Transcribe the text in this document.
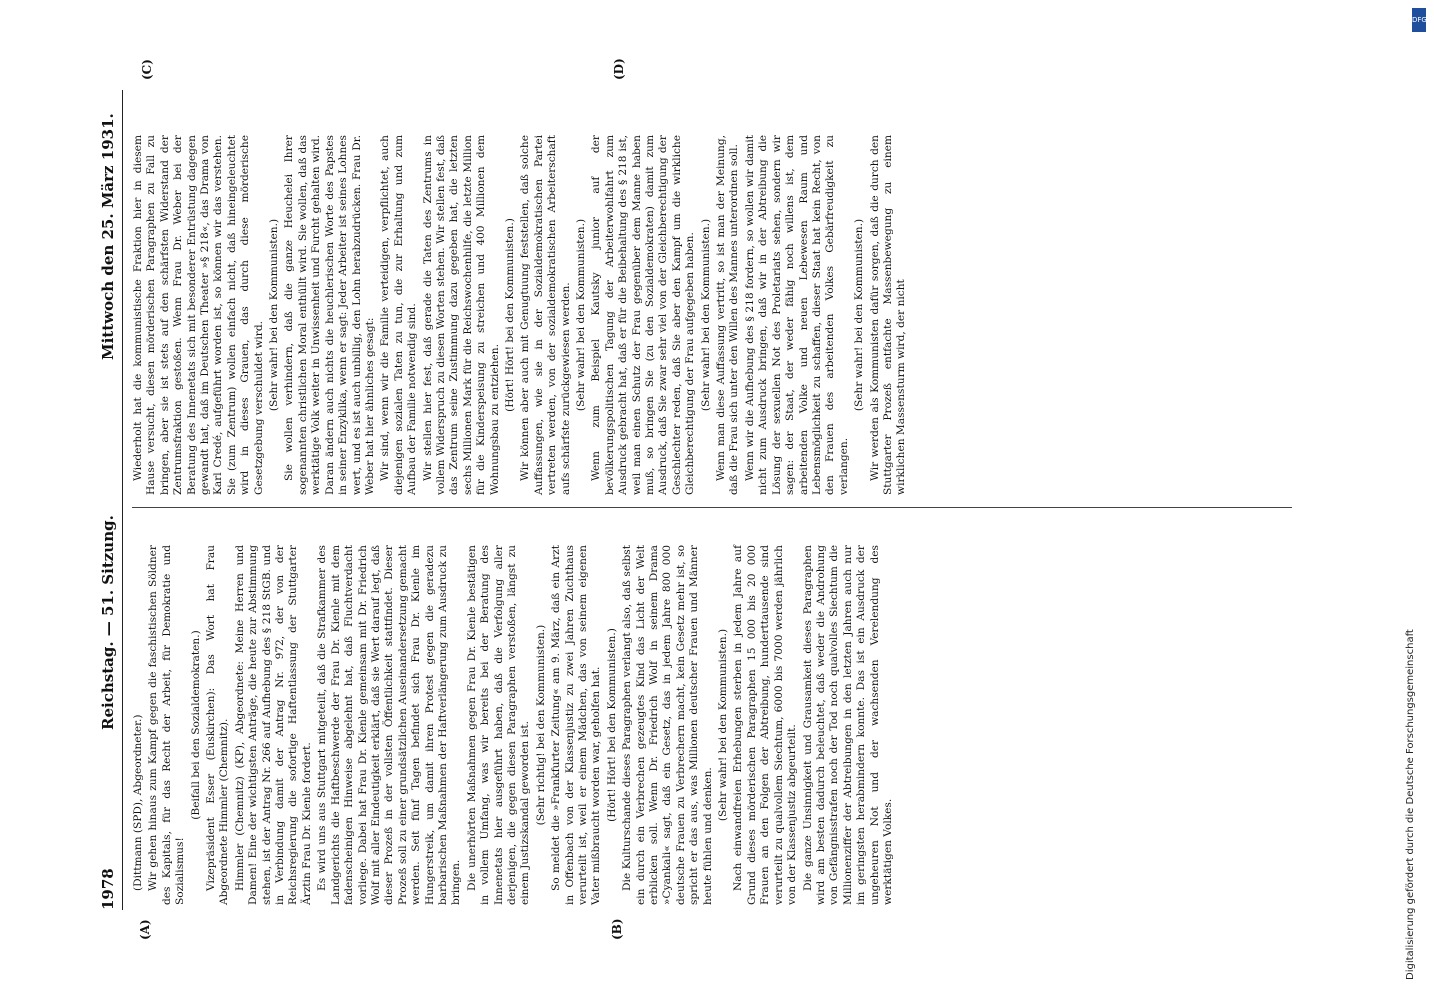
1978
Reichstag. — 51. Sitzung.
Mittwoch den 25. März 1931.
(A)	(B)
(C)	(D)

(Dittmann (SPD), Abgeordneter.) Wir gehen hinaus zum Kampf gegen die faschistischen Söldner des Kapitals, für das Recht der Arbeit, für Demokratie und Sozialismus!

(Beifall bei den Sozialdemokraten.) Vizepräsident Esser (Euskirchen): Das Wort hat Frau Abgeordnete Himmler (Chemnitz). Himmler (Chemnitz) (KP), Abgeordnete: Meine Herren und Damen! Eine der wichtigsten Anträge, die heute zur Abstimmung stehen, ist der Antrag Nr. 266 auf Aufhebung des § 218 StGB. und in Verbindung damit der Antrag Nr. 972, der von der Reichsregierung die sofortige Haftentlassung der Stuttgarter Ärztin Frau Dr. Kienle fordert. Es wird uns aus Stuttgart mitgeteilt, daß die Strafkammer des Landgerichts die Haftbeschwerde der Frau Dr. Kienle mit dem fadenscheinigen Hinweise abgelehnt hat, daß Fluchtverdacht vorliege. Dabei hat Frau Dr. Kienle gemeinsam mit Dr. Friedrich Wolf mit aller Eindeutigkeit erklärt, daß sie Wert darauf legt, daß dieser Prozeß in der vollsten Öffentlichkeit stattfindet. Dieser Prozeß soll zu einer grundsätzlichen Auseinandersetzung gemacht werden. Seit fünf Tagen befindet sich Frau Dr. Kienle im Hungerstreik, um damit ihren Protest gegen die geradezu barbarischen Maßnahmen der Haftverlängerung zum Ausdruck zu bringen. Die unerhörten Maßnahmen gegen Frau Dr. Kienle bestätigen in vollem Umfang, was wir bereits bei der Beratung des Innenetats hier ausgeführt haben, daß die Verfolgung aller derjenigen, die gegen diesen Paragraphen verstoßen, längst zu einem Justizskandal geworden ist. (Sehr richtig! bei den Kommunisten.) So meldet die »Frankfurter Zeitung« am 9. März, daß ein Arzt in Offenbach von der Klassenjustiz zu zwei Jahren Zuchthaus verurteilt ist, weil er einem Mädchen, das von seinem eigenen Vater mißbraucht worden war, geholfen hat. (Hört! Hört! bei den Kommunisten.) Die Kulturschande dieses Paragraphen verlangt also, daß selbst ein durch ein Verbrechen gezeugtes Kind das Licht der Welt erblicken soll. Wenn Dr. Friedrich Wolf in seinem Drama »Cyankali« sagt, daß ein Gesetz, das in jedem Jahre 800 000 deutsche Frauen zu Verbrechern macht, kein Gesetz mehr ist, so spricht er das aus, was Millionen deutscher Frauen und Männer heute fühlen und denken.

(Sehr wahr! bei den Kommunisten.) Nach einwandfreien Erhebungen sterben in jedem Jahre auf Grund dieses mörderischen Paragraphen 15 000 bis 20 000 Frauen an den Folgen der Abtreibung, hunderttausende sind verurteilt zu qualvollem Siechtum, 6000 bis 7000 werden jährlich von der Klassenjustiz abgeurteilt. Die ganze Unsinnigkeit und Grausamkeit dieses Paragraphen wird am besten dadurch beleuchtet, daß weder die Androhung von Gefängnisstrafen noch der Tod noch qualvolles Siechtum die Millionenziffer der Abtreibungen in den letzten Jahren auch nur im geringsten herabmindern konnte. Das ist ein Ausdruck der ungeheuren Not und der wachsenden Verelendung des werktätigen Volkes.

Wiederholt hat die kommunistische Fraktion hier in diesem Hause versucht, diesen mörderischen Paragraphen zu Fall zu bringen, aber sie ist stets auf den schärfsten Widerstand der Zentrumsfraktion gestoßen. Wenn Frau Dr. Weber bei der Beratung des Innenetats sich mit besonderer Entrüstung dagegen gewandt hat, daß im Deutschen Theater »§ 218«, das Drama von Karl Credé, aufgeführt worden ist, so können wir das verstehen. Sie (zum Zentrum) wollen einfach nicht, daß hineingeleuchtet wird in dieses Grauen, das durch diese mörderische Gesetzgebung verschuldet wird. (Sehr wahr! bei den Kommunisten.) Sie wollen verhindern, daß die ganze Heuchelei Ihrer sogenannten christlichen Moral enthüllt wird. Sie wollen, daß das werktätige Volk weiter in Unwissenheit und Furcht gehalten wird. Daran ändern auch nichts die heuchlerischen Worte des Papstes in seiner Enzyklika, wenn er sagt: Jeder Arbeiter ist seines Lohnes wert, und es ist auch unbillig, den Lohn herabzudrücken. Frau Dr. Weber hat hier ähnliches gesagt: Wir sind, wenn wir die Familie verteidigen, verpflichtet, auch diejenigen sozialen Taten zu tun, die zur Erhaltung und zum Aufbau der Familie notwendig sind. Wir stellen hier fest, daß gerade die Taten des Zentrums in vollem Widerspruch zu diesen Worten stehen. Wir stellen fest, daß das Zentrum seine Zustimmung dazu gegeben hat, die letzten sechs Millionen Mark für die Reichswochenhilfe, die letzte Million für die Kinderspeisung zu streichen und 400 Millionen dem Wohnungsbau zu entziehen.

(Hört! Hört! bei den Kommunisten.) Wir können aber auch mit Genugtuung feststellen, daß solche Auffassungen, wie sie in der Sozialdemokratischen Partei vertreten werden, von der sozialdemokratischen Arbeiterschaft aufs schärfste zurückgewiesen werden. (Sehr wahr! bei den Kommunisten.) Wenn zum Beispiel Kautsky junior auf der bevölkerungspolitischen Tagung der Arbeiterwohlfahrt zum Ausdruck gebracht hat, daß er für die Beibehaltung des § 218 ist, weil man einen Schutz der Frau gegenüber dem Manne haben muß, so bringen Sie (zu den Sozialdemokraten) damit zum Ausdruck, daß Sie zwar sehr viel von der Gleichberechtigung der Geschlechter reden, daß Sie aber den Kampf um die wirkliche Gleichberechtigung der Frau aufgegeben haben. (Sehr wahr! bei den Kommunisten.) Wenn man diese Auffassung vertritt, so ist man der Meinung, daß die Frau sich unter den Willen des Mannes unterordnen soll. Wenn wir die Aufhebung des § 218 fordern, so wollen wir damit nicht zum Ausdruck bringen, daß wir in der Abtreibung die Lösung der sexuellen Not des Proletariats sehen, sondern wir sagen: der Staat, der weder fähig noch willens ist, dem arbeitenden Volke und neuen Lebewesen Raum und Lebensmöglichkeit zu schaffen, dieser Staat hat kein Recht, von den Frauen des arbeitenden Volkes Gebärfreudigkeit zu verlangen.

(Sehr wahr! bei den Kommunisten.) Wir werden als Kommunisten dafür sorgen, daß die durch den Stuttgarter Prozeß entfachte Massenbewegung zu einem wirklichen Massensturm wird, der nicht

DFG
Digitalisierung gefördert durch die Deutsche Forschungsgemeinschaft
